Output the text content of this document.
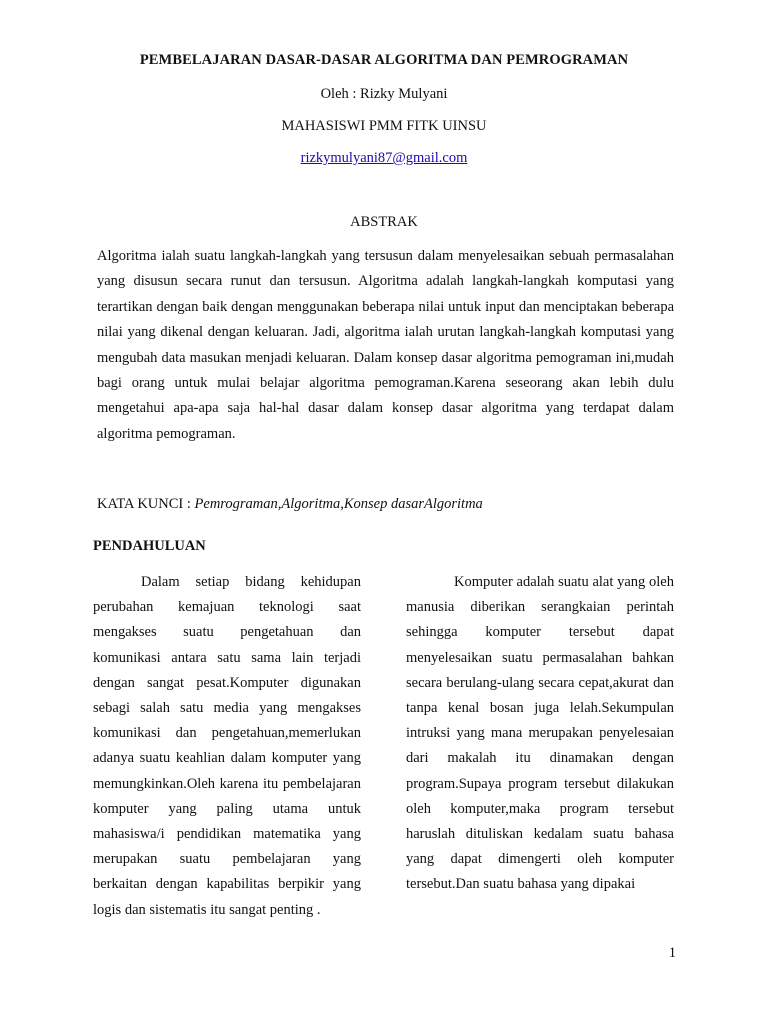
PEMBELAJARAN DASAR-DASAR ALGORITMA DAN PEMROGRAMAN
Oleh : Rizky Mulyani
MAHASISWI PMM FITK UINSU
rizkymulyani87@gmail.com
ABSTRAK

Algoritma ialah suatu langkah-langkah yang tersusun dalam menyelesaikan sebuah permasalahan yang disusun secara runut dan tersusun. Algoritma adalah langkah-langkah komputasi yang terartikan dengan baik dengan menggunakan beberapa nilai untuk input dan menciptakan beberapa nilai yang dikenal dengan keluaran. Jadi, algoritma ialah urutan langkah-langkah komputasi yang mengubah data masukan menjadi keluaran. Dalam konsep dasar algoritma pemograman ini,mudah bagi orang untuk mulai belajar algoritma pemograman.Karena seseorang akan lebih dulu mengetahui apa-apa saja hal-hal dasar dalam konsep dasar algoritma yang terdapat dalam algoritma pemograman.

KATA KUNCI : Pemrograman,Algoritma,Konsep dasarAlgoritma

PENDAHULUAN

Dalam setiap bidang kehidupan perubahan kemajuan teknologi saat mengakses suatu pengetahuan dan komunikasi antara satu sama lain terjadi dengan sangat pesat.Komputer digunakan sebagi salah satu media yang mengakses komunikasi dan pengetahuan,memerlukan adanya suatu keahlian dalam komputer yang memungkinkan.Oleh karena itu pembelajaran komputer yang paling utama untuk mahasiswa/i pendidikan matematika yang merupakan suatu pembelajaran yang berkaitan dengan kapabilitas berpikir yang logis dan sistematis itu sangat penting .

Komputer adalah suatu alat yang oleh manusia diberikan serangkaian perintah sehingga komputer tersebut dapat menyelesaikan suatu permasalahan bahkan secara berulang-ulang secara cepat,akurat dan tanpa kenal bosan juga lelah.Sekumpulan intruksi yang mana merupakan penyelesaian dari makalah itu dinamakan dengan program.Supaya program tersebut dilakukan oleh komputer,maka program tersebut haruslah dituliskan kedalam suatu bahasa yang dapat dimengerti oleh komputer tersebut.Dan suatu bahasa yang dipakai

1
